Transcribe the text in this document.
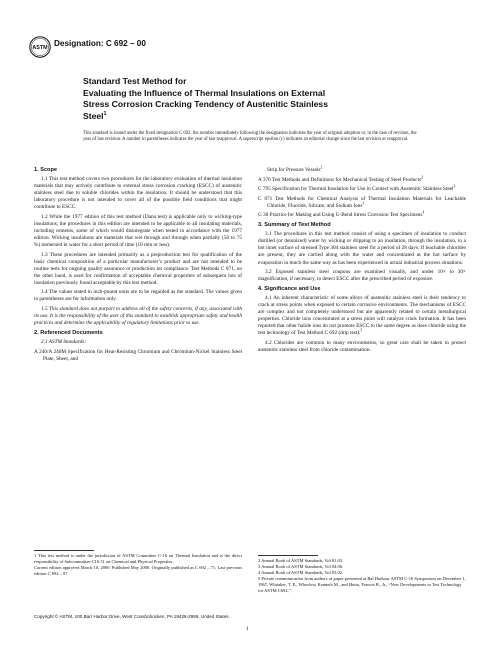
ASTM
Designation: C 692 – 00
Standard Test Method for
Evaluating the Influence of Thermal Insulations on External
Stress Corrosion Cracking Tendency of Austenitic Stainless
Steel$^1$
This standard is issued under the fixed designation C 692; the number immediately following the designation indicates the year of original adoption or, in the case of revision, the year of last revision. A number in parentheses indicates the year of last reapproval. A superscript epsilon (ε) indicates an editorial change since the last revision or reapproval.
1. Scope

1.1 This test method covers two procedures for the laboratory evaluation of thermal insulation materials that may actively contribute to external stress corrosion cracking (ESCC) of austenitic stainless steel due to soluble chlorides within the insulation. It should be understood that this laboratory procedure is not intended to cover all of the possible field conditions that might contribute to ESCC.

1.2 While the 1977 edition of this test method (Dana test) is applicable only to wicking-type insulations, the procedures in this edition are intended to be applicable to all insulating materials, including cements, some of which would disintegrate when tested in accordance with the 1977 edition. Wicking insulations are materials that wet through and through when partially (50 to 75 %) immersed in water for a short period of time (10 min or less).

1.3 These procedures are intended primarily as a preproduction test for qualification of the basic chemical composition of a particular manufacturer’s product and are not intended to be routine tests for ongoing quality assurance or production lot compliance. Test Methods C 871, on the other hand, is used for confirmation of acceptable chemical properties of subsequent lots of insulation previously found acceptable by this test method.

1.4 The values stated in inch-pound units are to be regarded as the standard. The values given in parentheses are for information only.

1.5 This standard does not purport to address all of the safety concerns, if any, associated with its use. It is the responsibility of the user of this standard to establish appropriate safety and health practices and determine the applicability of regulatory limitations prior to use.

2. Referenced Documents

2.1 ASTM Standards:

A 240/A 240M Specification for Heat-Resisting Chromium and Chromium-Nickel Stainless Steel Plate, Sheet, and

Strip for Pressure Vessels$^2$

A 370 Test Methods and Definitions for Mechanical Testing of Steel Products$^2$

C 795 Specification for Thermal Insulation for Use in Contact with Austenitic Stainless Steel$^3$

C 871 Test Methods for Chemical Analysis of Thermal Insulation Materials for Leachable Chloride, Fluoride, Silicate, and Sodium Ions$^3$

G 30 Practice for Making and Using U-Bend Stress Corrosion Test Specimens$^4$

3. Summary of Test Method

3.1 The procedures in this test method consist of using a specimen of insulation to conduct distilled (or deionized) water by wicking or dripping to an insulation, through the insulation, to a hot inner surface of stressed Type 304 stainless steel for a period of 28 days. If leachable chlorides are present, they are carried along with the water and concentrated at the hot surface by evaporation in much the same way as has been experienced in actual industrial process situations.

3.2 Exposed stainless steel coupons are examined visually, and under 10× to 30× magnification, if necessary, to detect ESCC after the prescribed period of exposure.

4. Significance and Use

4.1 An inherent characteristic of some alloys of austenitic stainless steel is their tendency to crack at stress points when exposed to certain corrosive environments. The mechanisms of ESCC are complex and not completely understood but are apparently related to certain metallurgical properties. Chloride ions concentrated at a stress point will catalyze crack formation. It has been reported that other halide ions do not promote ESCC to the same degree as does chloride using the test technology of Test Method C 692 (drip test).$^5$

4.2 Chlorides are common to many environments, so great care shall be taken to protect austenitic stainless steel from chloride contamination.

1 This test method is under the jurisdiction of ASTM Committee C-16 on Thermal Insulation and is the direct responsibility of Subcommittee C16.31 on Chemical and Physical Properties.
Current edition approved March 10, 2000. Published May 2000. Originally published as C 692 – 71. Last previous edition C 692 – 97.
2 Annual Book of ASTM Standards, Vol 01.03.
3 Annual Book of ASTM Standards, Vol 04.06.
4 Annual Book of ASTM Standards, Vol 03.02.
5 Private communication from authors of paper presented at Bal Harbour ASTM C-16 Symposium on December 1, 1967, Whitaker, T. E., Whorlow, Kenneth M., and Hutto, Francis B., Jr., “New Developments in Test Technology for ASTM C692,”
Copyright © ASTM, 100 Barr Harbor Drive, West Conshohocken, PA 19428-2959, United States.
1
